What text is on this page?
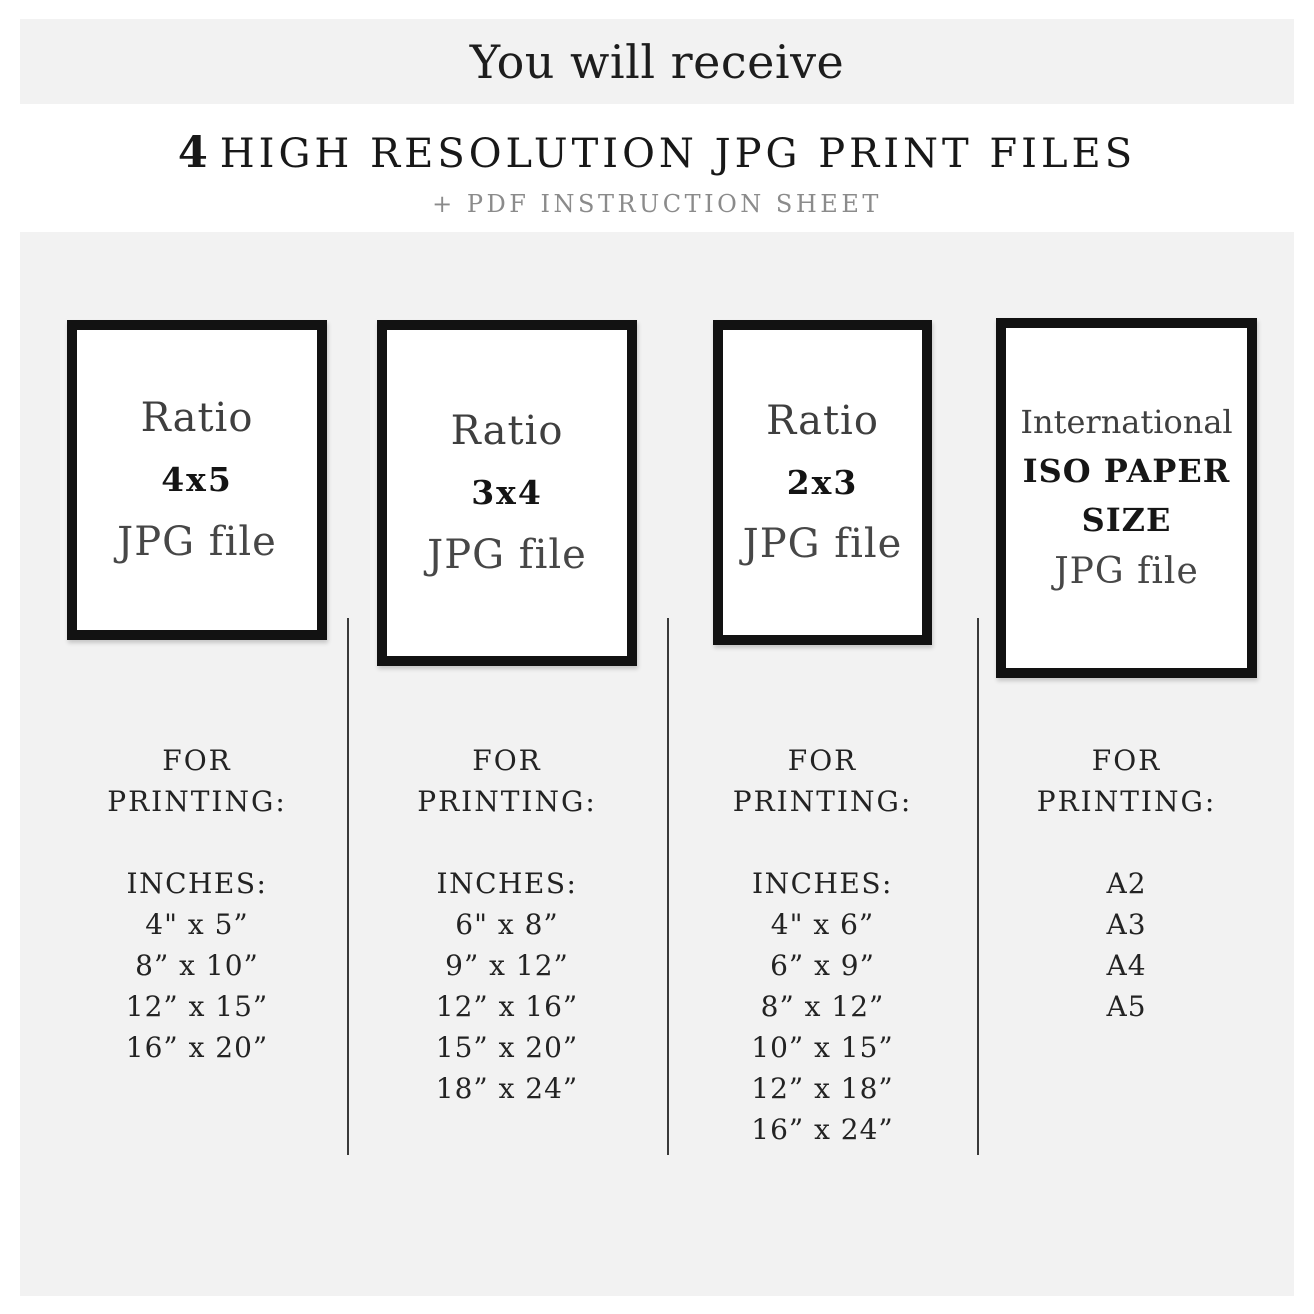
You will receive
4 HIGH RESOLUTION JPG PRINT FILES
+ PDF INSTRUCTION SHEET
Ratio
4x5
JPG file
Ratio
3x4
JPG file
Ratio
2x3
JPG file
International
ISO PAPER
SIZE
JPG file
FOR
PRINTING:
INCHES:
4" x 5”
8” x 10”
12” x 15”
16” x 20”
FOR
PRINTING:
INCHES:
6" x 8”
9” x 12”
12” x 16”
15” x 20”
18” x 24”
FOR
PRINTING:
INCHES:
4" x 6”
6” x 9”
8” x 12”
10” x 15”
12” x 18”
16” x 24”
FOR
PRINTING:
A2
A3
A4
A5
